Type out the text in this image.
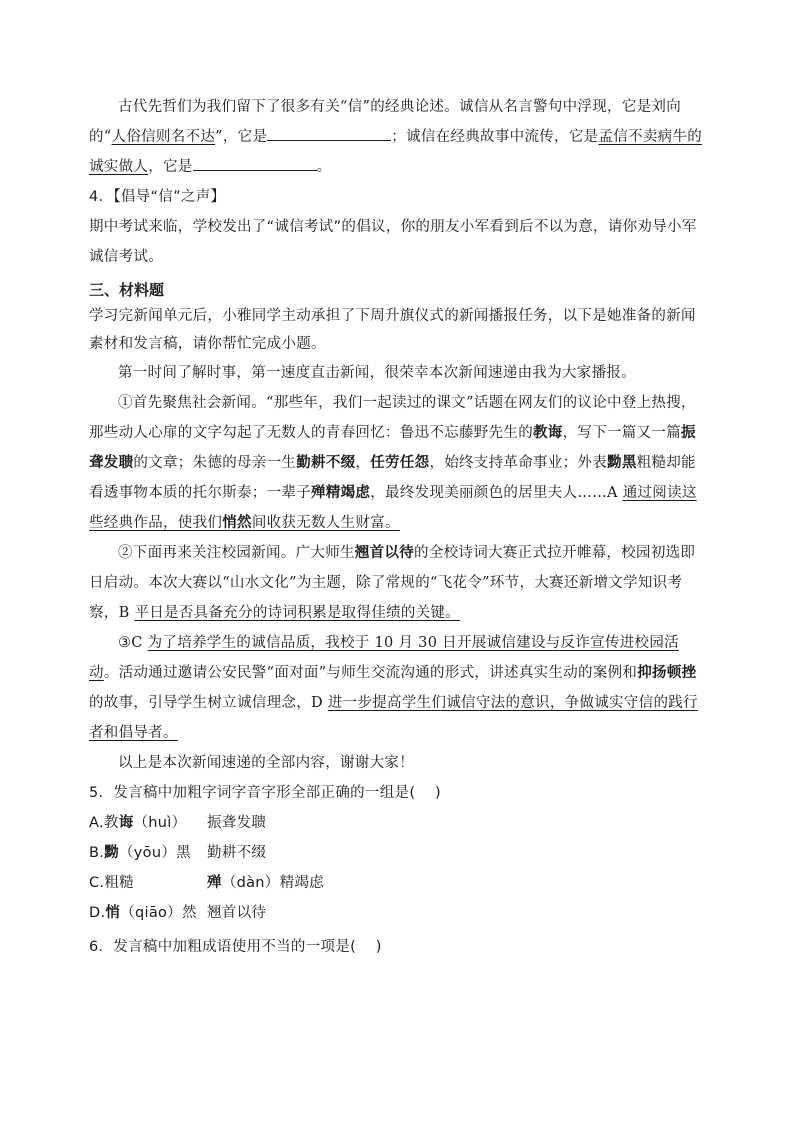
古代先哲们为我们留下了很多有关“信”的经典论述。诚信从名言警句中浮现，它是刘向的“人俗信则名不达”，它是	；诚信在经典故事中流传，它是孟信不卖病牛的诚实做人，它是	。

4．【倡导“信”之声】

期中考试来临，学校发出了“诚信考试”的倡议，你的朋友小军看到后不以为意，请你劝导小军诚信考试。

三、材料题

学习完新闻单元后，小雅同学主动承担了下周升旗仪式的新闻播报任务，以下是她准备的新闻素材和发言稿，请你帮忙完成小题。

第一时间了解时事，第一速度直击新闻，很荣幸本次新闻速递由我为大家播报。

①首先聚焦社会新闻。“那些年，我们一起读过的课文”话题在网友们的议论中登上热搜，那些动人心扉的文字勾起了无数人的青春回忆：鲁迅不忘藤野先生的教诲，写下一篇又一篇振聋发聩的文章；朱德的母亲一生勤耕不缀，任劳任怨，始终支持革命事业；外表黝黑粗糙却能看透事物本质的托尔斯泰；一辈子殚精竭虑，最终发现美丽颜色的居里夫人……A 通过阅读这些经典作品，使我们悄然间收获无数人生财富。

②下面再来关注校园新闻。广大师生翘首以待的全校诗词大赛正式拉开帷幕，校园初选即日启动。本次大赛以“山水文化”为主题，除了常规的“飞花令”环节，大赛还新增文学知识考察，B 平日是否具备充分的诗词积累是取得佳绩的关键。

③C 为了培养学生的诚信品质，我校于 10 月 30 日开展诚信建设与反诈宣传进校园活动。活动通过邀请公安民警“面对面”与师生交流沟通的形式，讲述真实生动的案例和抑扬顿挫的故事，引导学生树立诚信理念，D 进一步提高学生们诚信守法的意识，争做诚实守信的践行者和倡导者。

以上是本次新闻速递的全部内容，谢谢大家！

5．发言稿中加粗字词字音字形全部正确的一组是(　 )

A.教诲（huì）	振聋发聩

B.黝（yōu）黑	勤耕不缀

C.粗糙	殚 （dàn）精竭虑

D.悄（qiāo）然 翘首以待

6．发言稿中加粗成语使用不当的一项是(　 )
